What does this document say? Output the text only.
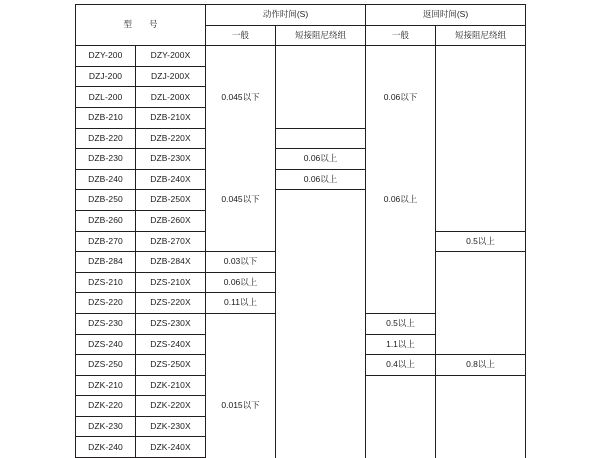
型　　号		动作时间(S)		返回时间(S)	
		一般	短接阻尼绕组	一般	短接阻尼绕组
DZY-200	DZY-200X				
DZJ-200	DZJ-200X				
DZL-200	DZL-200X	0.045以下		0.06以下	
DZB-210	DZB-210X				
DZB-220	DZB-220X				
DZB-230	DZB-230X		0.06以上		
DZB-240	DZB-240X		0.06以上		
DZB-250	DZB-250X	0.045以下		0.06以上	
DZB-260	DZB-260X				
DZB-270	DZB-270X				0.5以上
DZB-284	DZB-284X	0.03以下			
DZS-210	DZS-210X	0.06以上			
DZS-220	DZS-220X	0.11以上			
DZS-230	DZS-230X			0.5以上	
DZS-240	DZS-240X			1.1以上	
DZS-250	DZS-250X			0.4以上	0.8以上
DZK-210	DZK-210X				
DZK-220	DZK-220X	0.015以下			
DZK-230	DZK-230X				
DZK-240	DZK-240X				
